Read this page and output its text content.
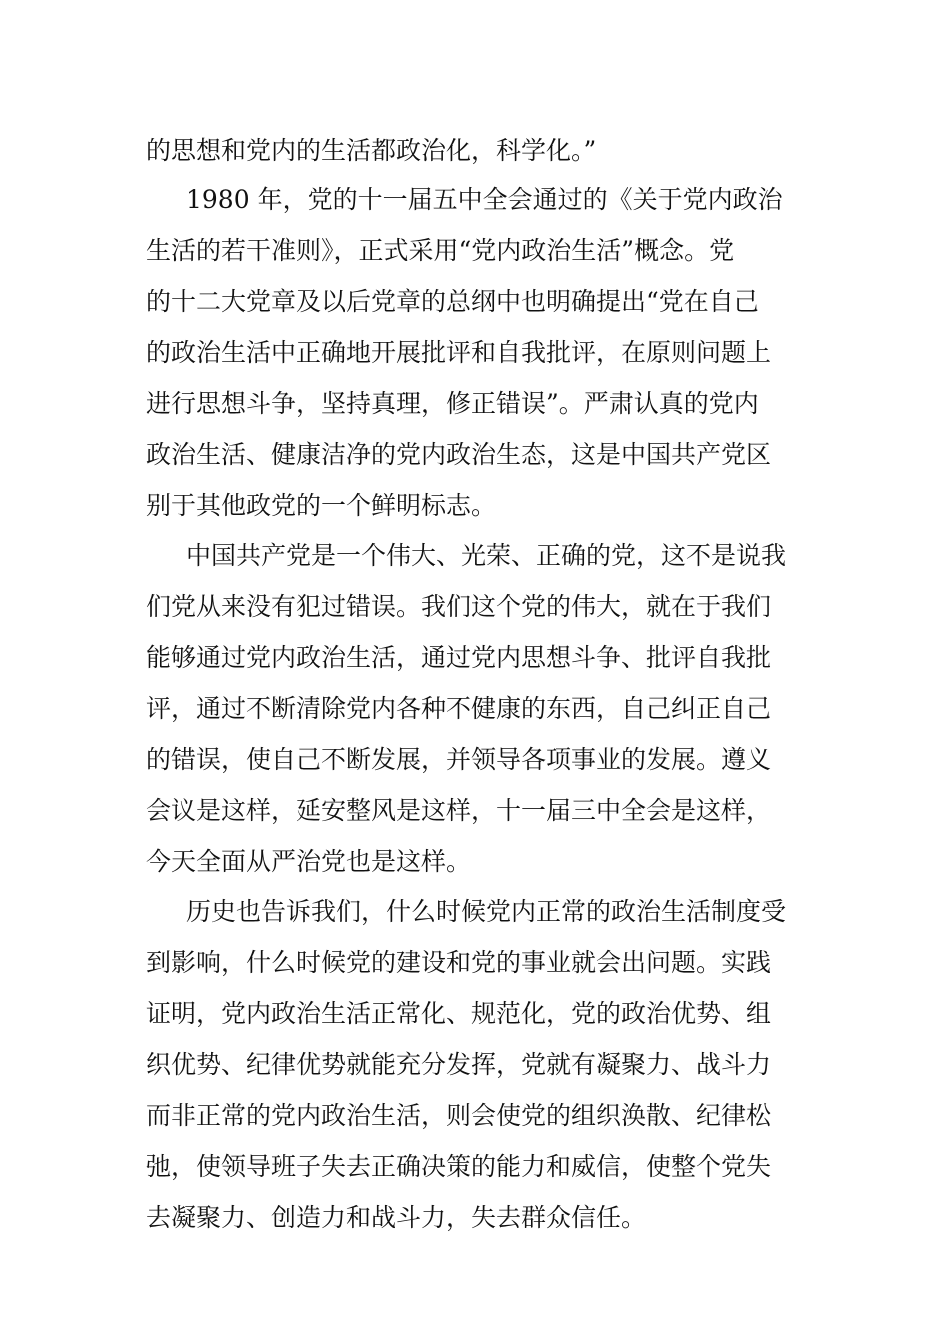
的思想和党内的生活都政治化，科学化。”

1980 年，党的十一届五中全会通过的《关于党内政治

生活的若干准则》，正式采用“党内政治生活”概念。党

的十二大党章及以后党章的总纲中也明确提出“党在自己

的政治生活中正确地开展批评和自我批评，在原则问题上

进行思想斗争，坚持真理，修正错误”。严肃认真的党内

政治生活、健康洁净的党内政治生态，这是中国共产党区

别于其他政党的一个鲜明标志。

中国共产党是一个伟大、光荣、正确的党，这不是说我

们党从来没有犯过错误。我们这个党的伟大，就在于我们

能够通过党内政治生活，通过党内思想斗争、批评自我批

评，通过不断清除党内各种不健康的东西，自己纠正自己

的错误，使自己不断发展，并领导各项事业的发展。遵义

会议是这样，延安整风是这样，十一届三中全会是这样，

今天全面从严治党也是这样。

历史也告诉我们，什么时候党内正常的政治生活制度受

到影响，什么时候党的建设和党的事业就会出问题。实践

证明，党内政治生活正常化、规范化，党的政治优势、组

织优势、纪律优势就能充分发挥，党就有凝聚力、战斗力

而非正常的党内政治生活，则会使党的组织涣散、纪律松

弛，使领导班子失去正确决策的能力和威信，使整个党失

去凝聚力、创造力和战斗力，失去群众信任。
